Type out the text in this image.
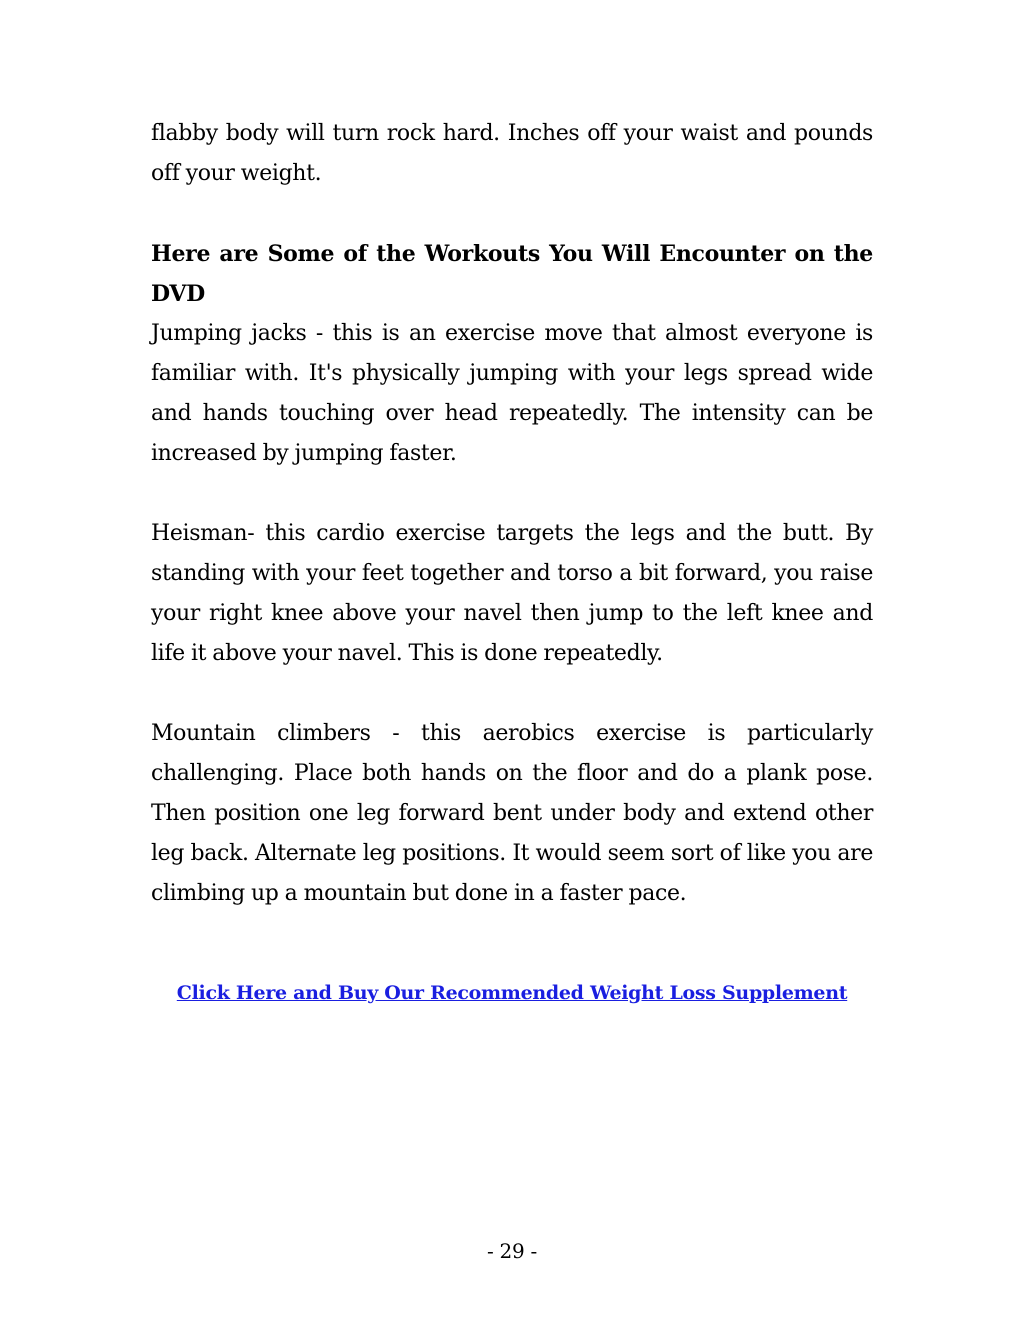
flabby body will turn rock hard. Inches off your waist and pounds off your weight.

Here are Some of the Workouts You Will Encounter on the DVD

Jumping jacks - this is an exercise move that almost everyone is familiar with. It's physically jumping with your legs spread wide and hands touching over head repeatedly. The intensity can be increased by jumping faster.

Heisman- this cardio exercise targets the legs and the butt. By standing with your feet together and torso a bit forward, you raise your right knee above your navel then jump to the left knee and life it above your navel. This is done repeatedly.

Mountain climbers - this aerobics exercise is particularly challenging. Place both hands on the floor and do a plank pose. Then position one leg forward bent under body and extend other leg back. Alternate leg positions. It would seem sort of like you are climbing up a mountain but done in a faster pace.

Click Here and Buy Our Recommended Weight Loss Supplement
- 29 -
